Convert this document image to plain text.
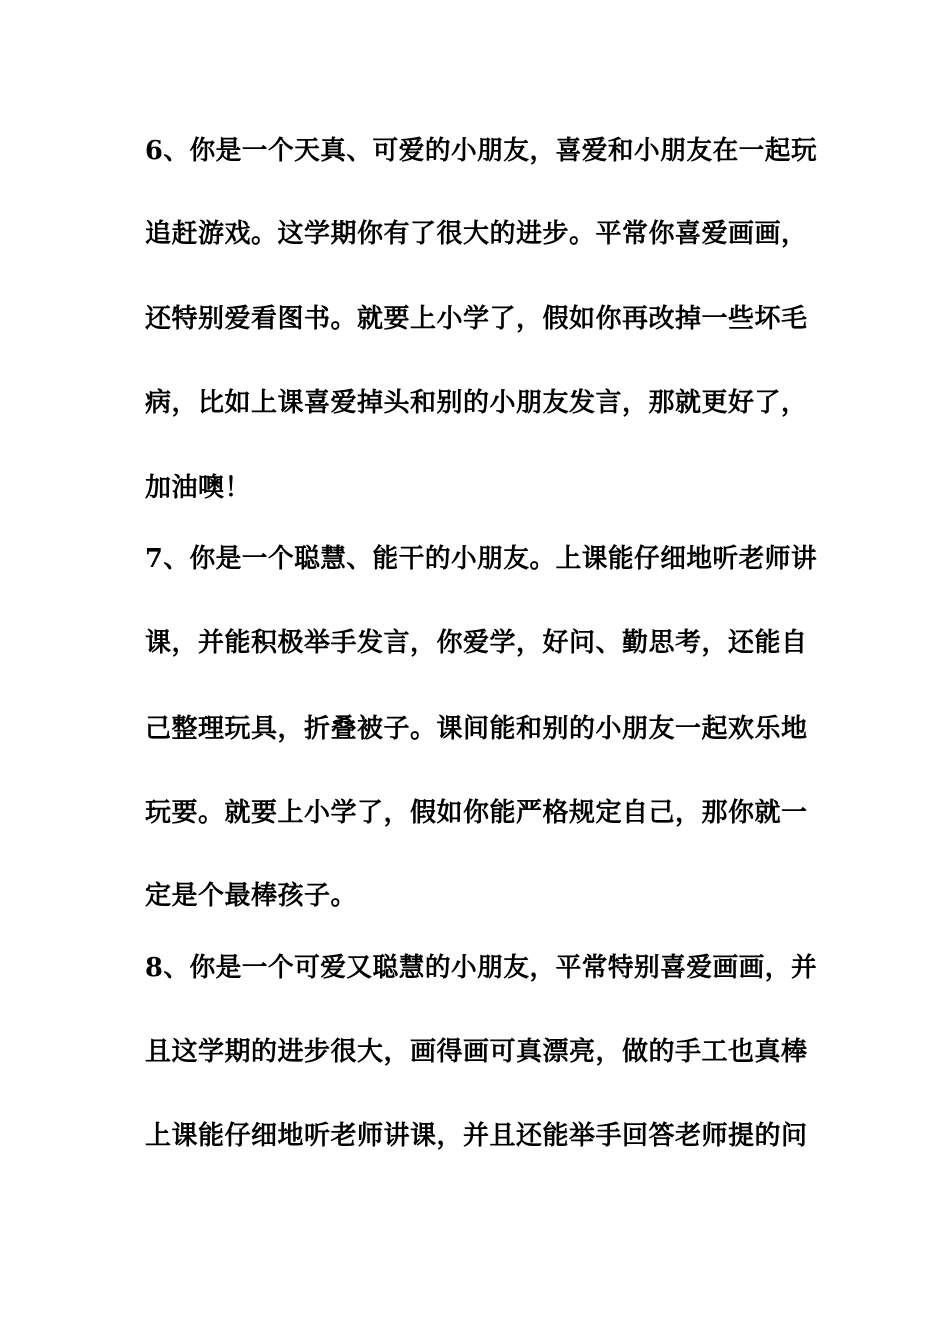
6、你是一个天真、可爱的小朋友，喜爱和小朋友在一起玩
追赶游戏。这学期你有了很大的进步。平常你喜爱画画，
还特别爱看图书。就要上小学了，假如你再改掉一些坏毛
病，比如上课喜爱掉头和别的小朋友发言，那就更好了，
加油噢！
7、你是一个聪慧、能干的小朋友。上课能仔细地听老师讲
课，并能积极举手发言，你爱学，好问、勤思考，还能自
己整理玩具，折叠被子。课间能和别的小朋友一起欢乐地
玩要。就要上小学了，假如你能严格规定自己，那你就一
定是个最棒孩子。
8、你是一个可爱又聪慧的小朋友，平常特别喜爱画画，并
且这学期的进步很大，画得画可真漂亮，做的手工也真棒
上课能仔细地听老师讲课，并且还能举手回答老师提的问
